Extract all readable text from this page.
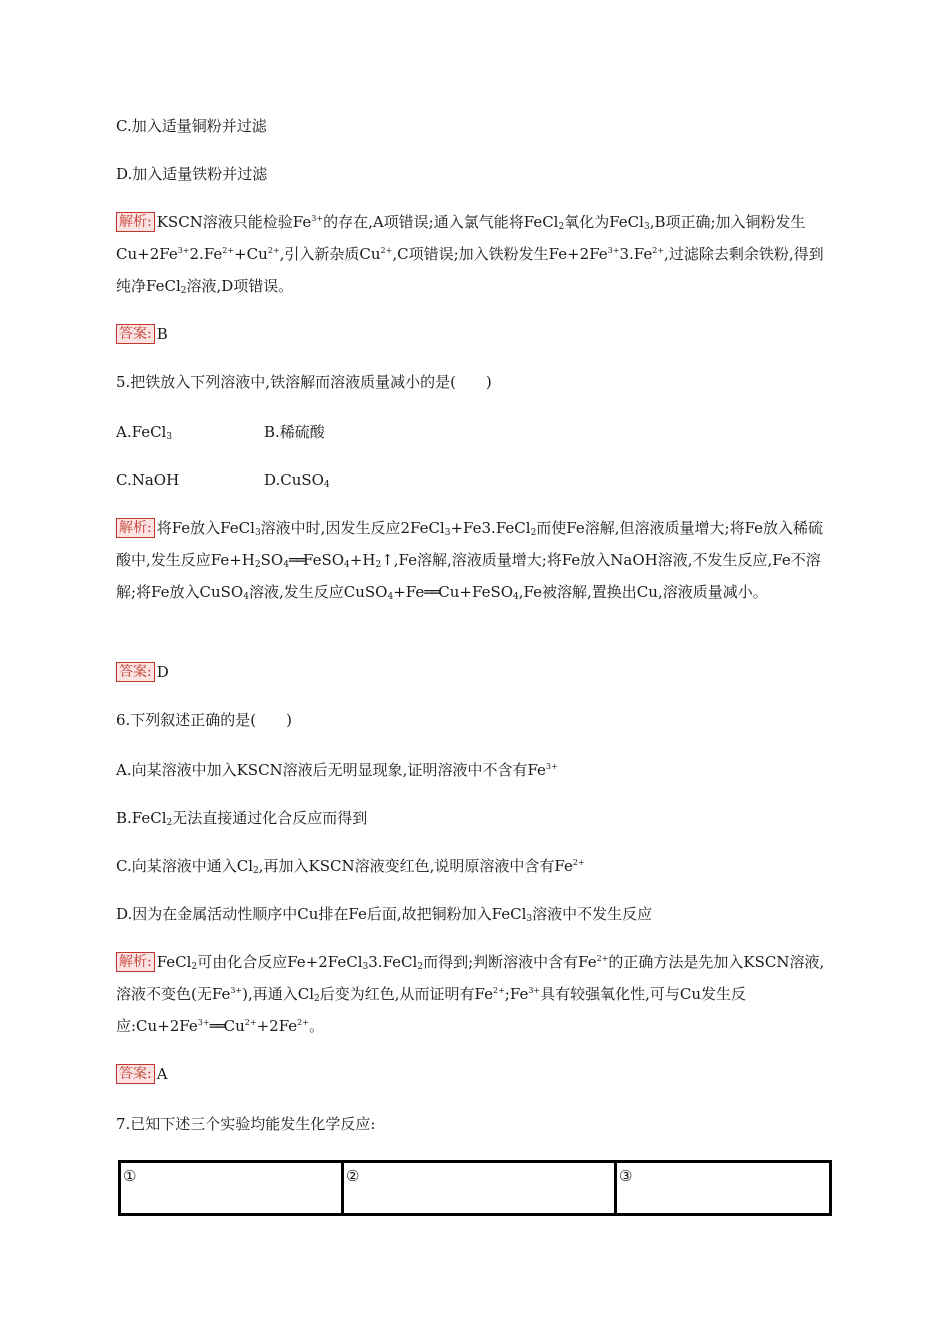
C.加入适量铜粉并过滤

D.加入适量铁粉并过滤

解析: KSCN溶液只能检验$Fe^{3+}$的存在,A项错误;通入氯气能将FeCl$_2$氧化为FeCl$_3$,B项正确;加入铜粉发生$Cu+2Fe^{3+}2.Fe^{2+}+Cu^{2+}$,引入新杂质$Cu^{2+},C$项错误;加入铁粉发生$Fe+2Fe^{3+}3.Fe^{2+}$,过滤除去剩余铁粉,得到纯净FeCl$_2$溶液,D项错误。

答案: B

5.把铁放入下列溶液中,铁溶解而溶液质量减小的是(　　)

A.FeCl$_3$	B.稀硫酸

C.NaOH	D.CuSO$_4$

解析: 将Fe放入FeCl$_3$溶液中时,因发生反应2FeCl$_3$+Fe3.FeCl$_2$而使Fe溶解,但溶液质量增大;将Fe放入稀硫酸中,发生反应$Fe+H_2SO_4══FeSO_4+H_2↑,Fe$溶解,溶液质量增大;将Fe放入NaOH溶液,不发生反应,Fe不溶解;将Fe放入CuSO$_4$溶液,发生反应CuSO$_4$+Fe══Cu+FeSO$_4$,Fe被溶解,置换出Cu,溶液质量减小。

答案: D

6.下列叙述正确的是(　　)

A.向某溶液中加入KSCN溶液后无明显现象,证明溶液中不含有$Fe^{3+}$

B.FeCl$_2$无法直接通过化合反应而得到

C.向某溶液中通入$Cl_2$,再加入KSCN溶液变红色,说明原溶液中含有$Fe^{2+}$

D.因为在金属活动性顺序中Cu排在Fe后面,故把铜粉加入FeCl$_3$溶液中不发生反应

解析: FeCl$_2$可由化合反应Fe+2FeCl$_3$3.FeCl$_2$而得到;判断溶液中含有$Fe^{2+}$的正确方法是先加入KSCN溶液,溶液不变色(无$Fe^{3+}$),再通入$Cl_2$后变为红色,从而证明有$Fe^{2+};Fe^{3+}$具有较强氧化性,可与Cu发生反应$:Cu+2Fe^{3+}══Cu^{2+}+2Fe^{2+}$。

答案: A

7.已知下述三个实验均能发生化学反应:

①	②	③
